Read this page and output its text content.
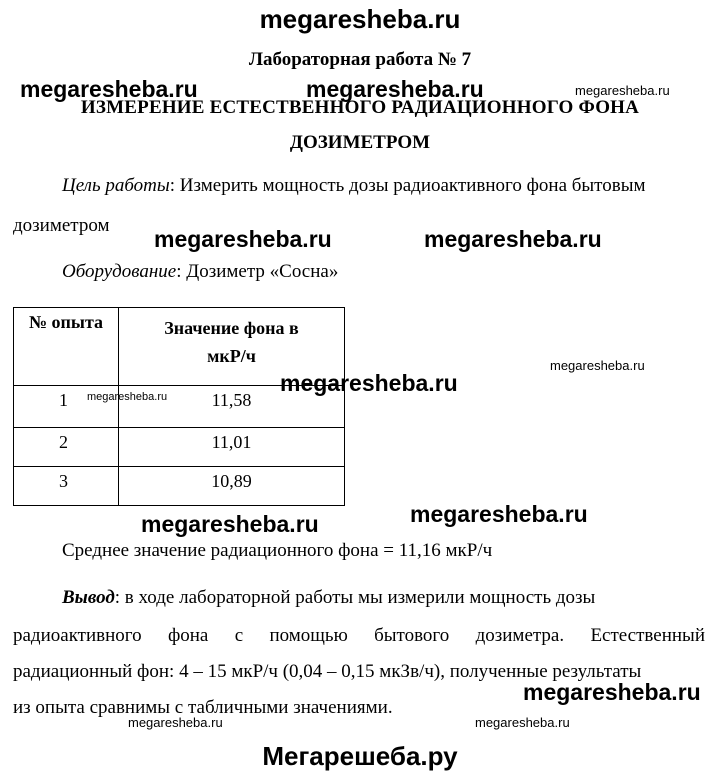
megaresheba.ru
Лабораторная работа № 7
megaresheba.ru	megaresheba.ru	megaresheba.ru
ИЗМЕРЕНИЕ ЕСТЕСТВЕННОГО РАДИАЦИОННОГО ФОНА
ДОЗИМЕТРОМ
Цель работы: Измерить мощность дозы радиоактивного фона бытовым
дозиметром
megaresheba.ru	megaresheba.ru
Оборудование: Дозиметр «Сосна»
№ опыта	Значение фона в
мкР/ч

1	11,58
2	11,01
3	10,89
megaresheba.ru
megaresheba.ru
megaresheba.ru
megaresheba.ru
megaresheba.ru
Среднее значение радиационного фона = 11,16 мкР/ч
Вывод: в ходе лабораторной работы мы измерили мощность дозы
радиоактивного фона с помощью бытового дозиметра. Естественный
радиационный фон: 4 – 15 мкР/ч (0,04 – 0,15 мкЗв/ч), полученные результаты
из опыта сравнимы с табличными значениями.
megaresheba.ru
megaresheba.ru	megaresheba.ru
Мегарешеба.ру
